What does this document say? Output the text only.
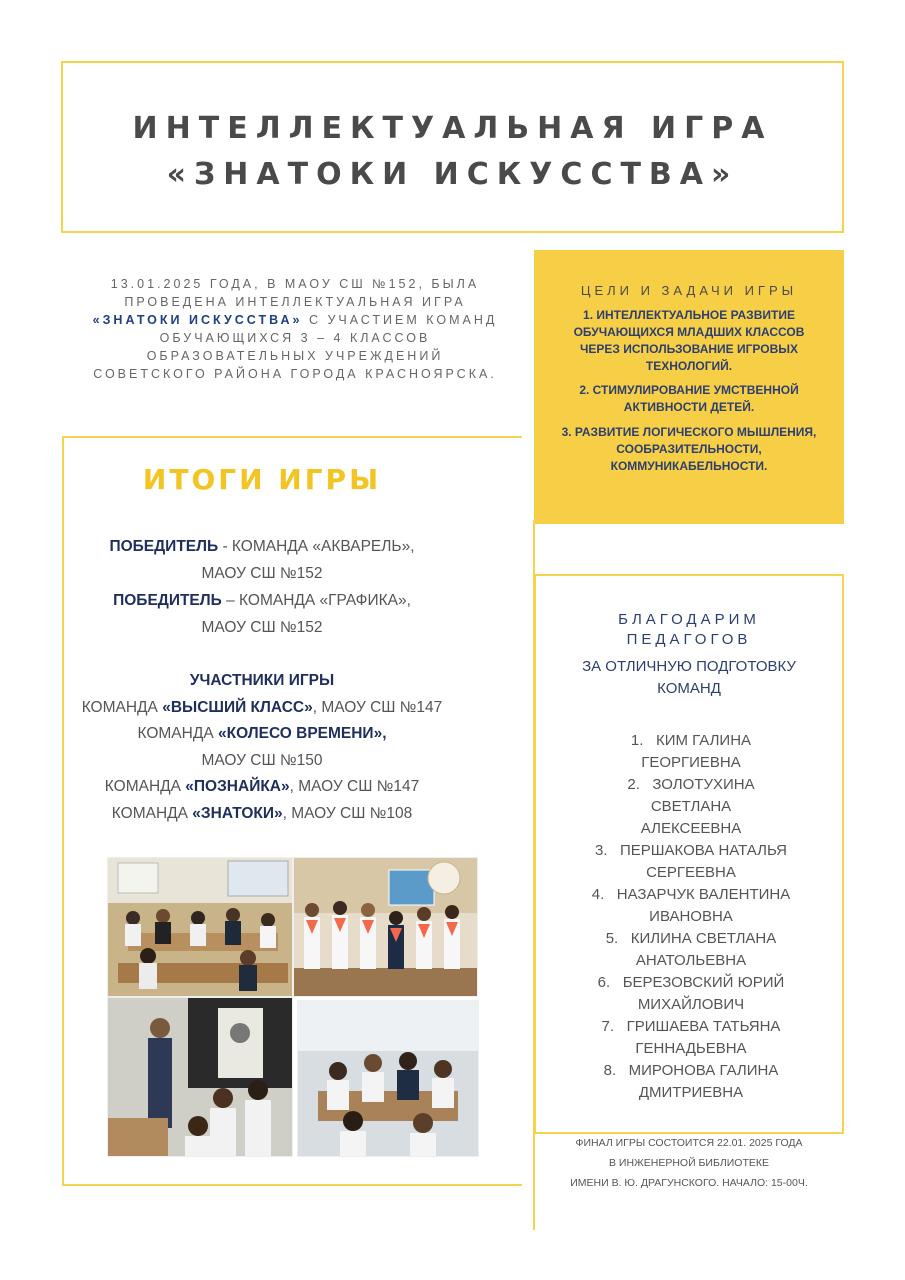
ИНТЕЛЛЕКТУАЛЬНАЯ ИГРА
«ЗНАТОКИ ИСКУССТВА»
13.01.2025 ГОДА, В МАОУ СШ №152, БЫЛА ПРОВЕДЕНА ИНТЕЛЛЕКТУАЛЬНАЯ ИГРА «ЗНАТОКИ ИСКУССТВА» С УЧАСТИЕМ КОМАНД ОБУЧАЮЩИХСЯ 3 – 4 КЛАССОВ ОБРАЗОВАТЕЛЬНЫХ УЧРЕЖДЕНИЙ СОВЕТСКОГО РАЙОНА ГОРОДА КРАСНОЯРСКА.
ЦЕЛИ И ЗАДАЧИ ИГРЫ
1. ИНТЕЛЛЕКТУАЛЬНОЕ РАЗВИТИЕ ОБУЧАЮЩИХСЯ МЛАДШИХ КЛАССОВ ЧЕРЕЗ ИСПОЛЬЗОВАНИЕ ИГРОВЫХ ТЕХНОЛОГИЙ.
2. СТИМУЛИРОВАНИЕ УМСТВЕННОЙ АКТИВНОСТИ ДЕТЕЙ.
3. РАЗВИТИЕ ЛОГИЧЕСКОГО МЫШЛЕНИЯ, СООБРАЗИТЕЛЬНОСТИ, КОММУНИКАБЕЛЬНОСТИ.
ИТОГИ ИГРЫ
ПОБЕДИТЕЛЬ - КОМАНДА «АКВАРЕЛЬ»,
МАОУ СШ №152
ПОБЕДИТЕЛЬ – КОМАНДА «ГРАФИКА»,
МАОУ СШ №152
УЧАСТНИКИ ИГРЫ
КОМАНДА «ВЫСШИЙ КЛАСС», МАОУ СШ №147
КОМАНДА «КОЛЕСО ВРЕМЕНИ»,
МАОУ СШ №150
КОМАНДА «ПОЗНАЙКА», МАОУ СШ №147
КОМАНДА «ЗНАТОКИ», МАОУ СШ №108
БЛАГОДАРИМ
ПЕДАГОГОВ
ЗА ОТЛИЧНУЮ ПОДГОТОВКУ
КОМАНД
1. КИМ ГАЛИНА
ГЕОРГИЕВНА
2. ЗОЛОТУХИНА
СВЕТЛАНА
АЛЕКСЕЕВНА
3. ПЕРШАКОВА НАТАЛЬЯ
СЕРГЕЕВНА
4. НАЗАРЧУК ВАЛЕНТИНА
ИВАНОВНА
5. КИЛИНА СВЕТЛАНА
АНАТОЛЬЕВНА
6. БЕРЕЗОВСКИЙ ЮРИЙ
МИХАЙЛОВИЧ
7. ГРИШАЕВА ТАТЬЯНА
ГЕННАДЬЕВНА
8. МИРОНОВА ГАЛИНА
ДМИТРИЕВНА
ФИНАЛ ИГРЫ СОСТОИТСЯ 22.01. 2025 ГОДА
В ИНЖЕНЕРНОЙ БИБЛИОТЕКЕ
ИМЕНИ В. Ю. ДРАГУНСКОГО. НАЧАЛО: 15-00Ч.
